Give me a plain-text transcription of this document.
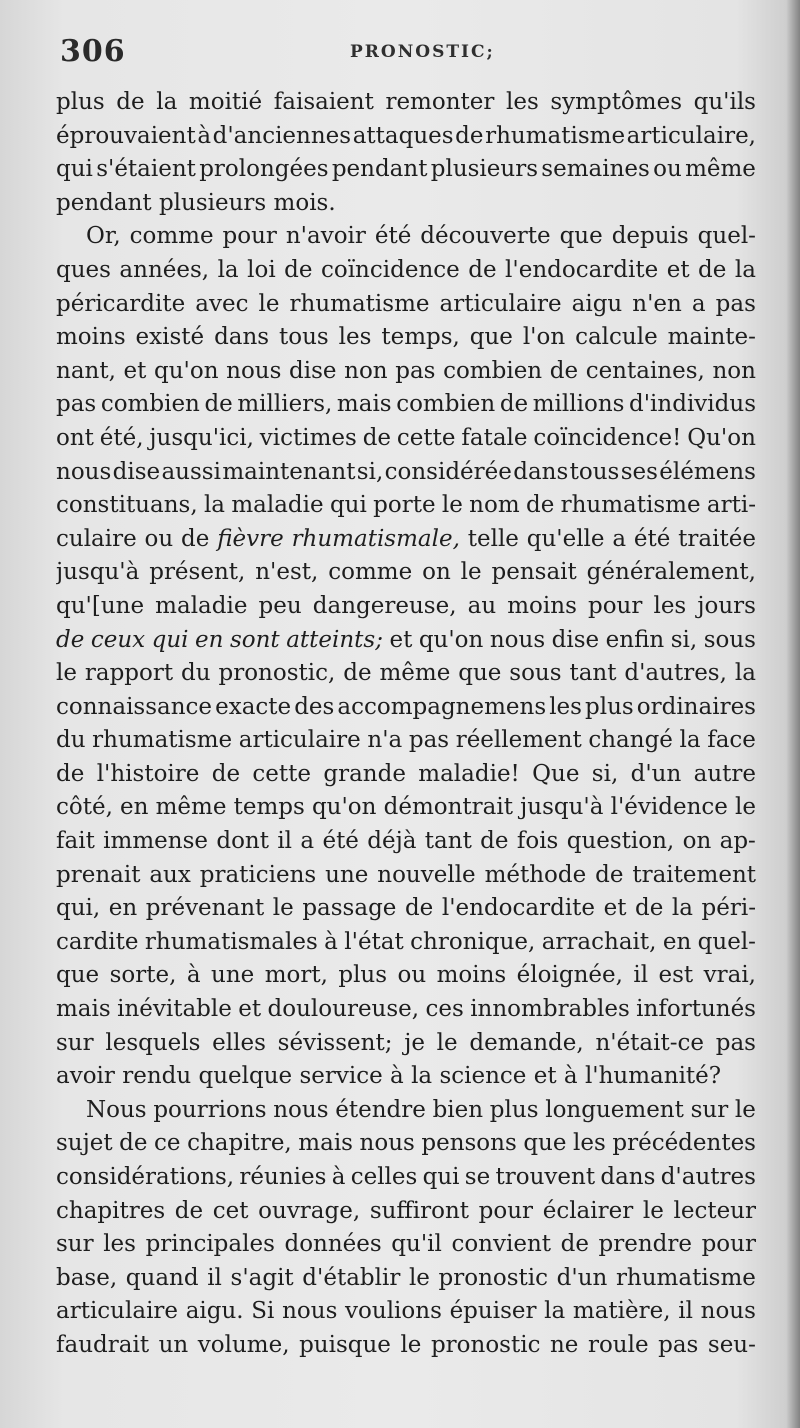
306	PRONOSTIC;
plus de la moitié faisaient remonter les symptômes qu'ils
éprouvaient à d'anciennes attaques de rhumatisme articulaire,
qui s'étaient prolongées pendant plusieurs semaines ou même
pendant plusieurs mois.
Or, comme pour n'avoir été découverte que depuis quel-
ques années, la loi de coïncidence de l'endocardite et de la
péricardite avec le rhumatisme articulaire aigu n'en a pas
moins existé dans tous les temps, que l'on calcule mainte-
nant, et qu'on nous dise non pas combien de centaines, non
pas combien de milliers, mais combien de millions d'individus
ont été, jusqu'ici, victimes de cette fatale coïncidence! Qu'on
nous dise aussi maintenant si, considérée dans tous ses élémens
constituans, la maladie qui porte le nom de rhumatisme arti-
culaire ou de fièvre rhumatismale, telle qu'elle a été traitée
jusqu'à présent, n'est, comme on le pensait généralement,
qu'[une maladie peu dangereuse, au moins pour les jours
de ceux qui en sont atteints; et qu'on nous dise enfin si, sous
le rapport du pronostic, de même que sous tant d'autres, la
connaissance exacte des accompagnemens les plus ordinaires
du rhumatisme articulaire n'a pas réellement changé la face
de l'histoire de cette grande maladie! Que si, d'un autre
côté, en même temps qu'on démontrait jusqu'à l'évidence le
fait immense dont il a été déjà tant de fois question, on ap-
prenait aux praticiens une nouvelle méthode de traitement
qui, en prévenant le passage de l'endocardite et de la péri-
cardite rhumatismales à l'état chronique, arrachait, en quel-
que sorte, à une mort, plus ou moins éloignée, il est vrai,
mais inévitable et douloureuse, ces innombrables infortunés
sur lesquels elles sévissent; je le demande, n'était-ce pas
avoir rendu quelque service à la science et à l'humanité?
Nous pourrions nous étendre bien plus longuement sur le
sujet de ce chapitre, mais nous pensons que les précédentes
considérations, réunies à celles qui se trouvent dans d'autres
chapitres de cet ouvrage, suffiront pour éclairer le lecteur
sur les principales données qu'il convient de prendre pour
base, quand il s'agit d'établir le pronostic d'un rhumatisme
articulaire aigu. Si nous voulions épuiser la matière, il nous
faudrait un volume, puisque le pronostic ne roule pas seu-
